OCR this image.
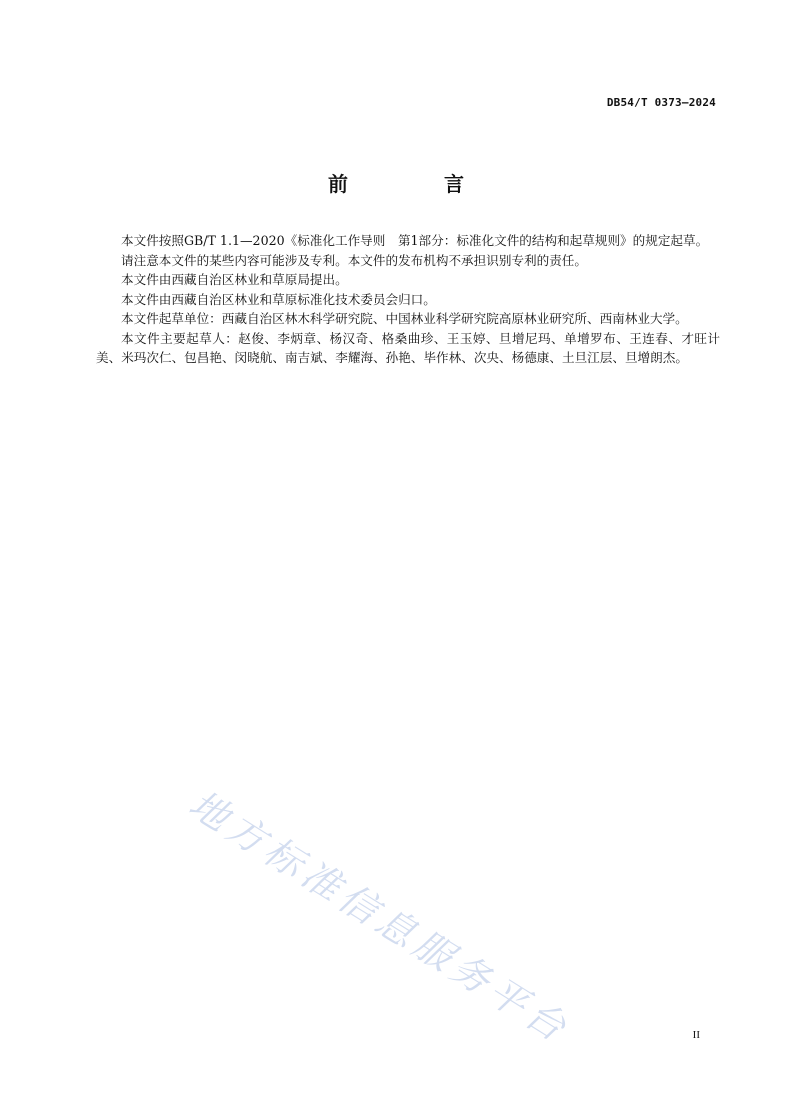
DB54/T 0373—2024
前　言

本文件按照GB/T 1.1—2020《标准化工作导则　第1部分：标准化文件的结构和起草规则》的规定起草。

请注意本文件的某些内容可能涉及专利。本文件的发布机构不承担识别专利的责任。

本文件由西藏自治区林业和草原局提出。

本文件由西藏自治区林业和草原标准化技术委员会归口。

本文件起草单位：西藏自治区林木科学研究院、中国林业科学研究院高原林业研究所、西南林业大学。

本文件主要起草人：赵俊、李炳章、杨汉奇、格桑曲珍、王玉婷、旦增尼玛、单增罗布、王连春、才旺计美、米玛次仁、包昌艳、闵晓航、南吉斌、李耀海、孙艳、毕作林、次央、杨德康、土旦江层、旦增朗杰。

地方标准信息服务平台	II
